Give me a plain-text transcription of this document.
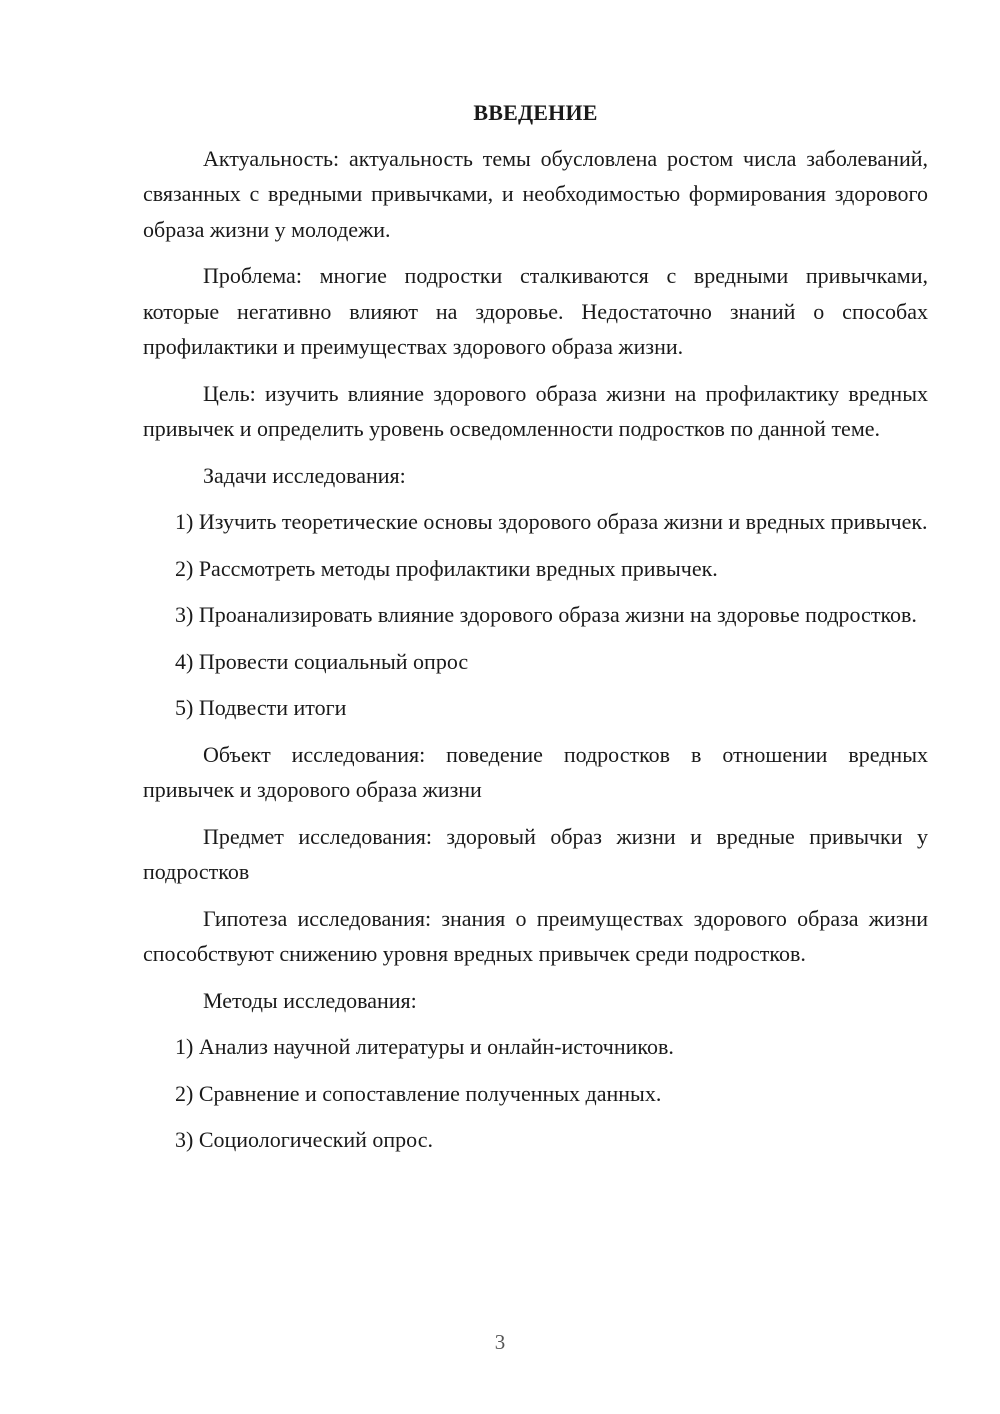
ВВЕДЕНИЕ

Актуальность: актуальность темы обусловлена ростом числа заболеваний, связанных с вредными привычками, и необходимостью формирования здорового образа жизни у молодежи.

Проблема: многие подростки сталкиваются с вредными привычками, которые негативно влияют на здоровье. Недостаточно знаний о способах профилактики и преимуществах здорового образа жизни.

Цель: изучить влияние здорового образа жизни на профилактику вредных привычек и определить уровень осведомленности подростков по данной теме.

Задачи исследования:

1) Изучить теоретические основы здорового образа жизни и вредных привычек.

2) Рассмотреть методы профилактики вредных привычек.

3) Проанализировать влияние здорового образа жизни на здоровье подростков.

4) Провести социальный опрос

5) Подвести итоги

Объект исследования: поведение подростков в отношении вредных привычек и здорового образа жизни

Предмет исследования: здоровый образ жизни и вредные привычки у подростков

Гипотеза исследования: знания о преимуществах здорового образа жизни способствуют снижению уровня вредных привычек среди подростков.

Методы исследования:

1) Анализ научной литературы и онлайн-источников.

2) Сравнение и сопоставление полученных данных.

3) Социологический опрос.

3
